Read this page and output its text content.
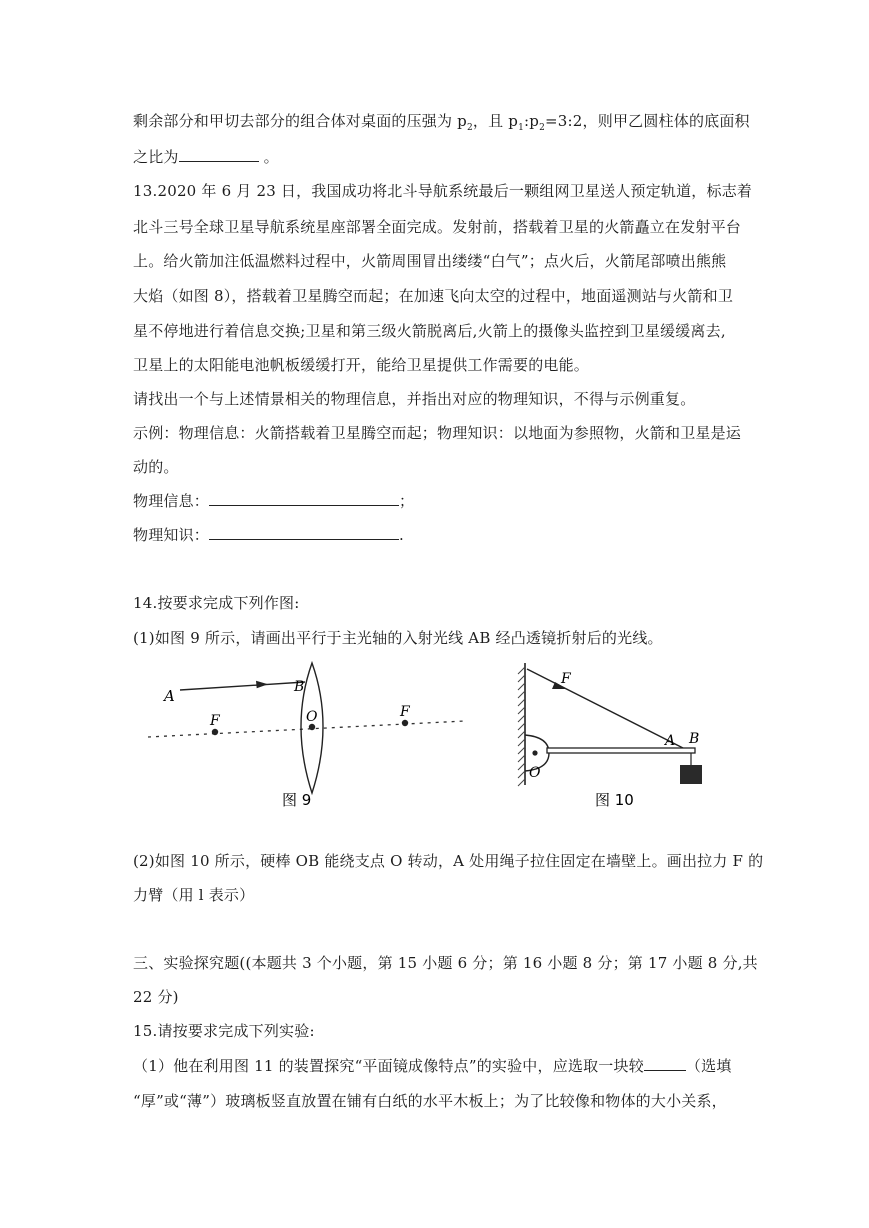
剩余部分和甲切去部分的组合体对桌面的压强为 $p_2$，且 $p_1:p_2=3:2$，则甲乙圆柱体的底面积
之比为	。
13.2020 年 6 月 23 日，我国成功将北斗导航系统最后一颗组网卫星送人预定轨道，标志着
北斗三号全球卫星导航系统星座部署全面完成。发射前，搭载着卫星的火箭矗立在发射平台
上。给火箭加注低温燃料过程中，火箭周围冒出缕缕“白气”；点火后，火箭尾部喷出熊熊
大焰（如图 8），搭载着卫星腾空而起；在加速飞向太空的过程中，地面遥测站与火箭和卫
星不停地进行着信息交换;卫星和第三级火箭脱离后,火箭上的摄像头监控到卫星缓缓离去,
卫星上的太阳能电池帆板缓缓打开，能给卫星提供工作需要的电能。
请找出一个与上述情景相关的物理信息，并指出对应的物理知识，不得与示例重复。
示例：物理信息：火箭搭载着卫星腾空而起；物理知识：以地面为参照物，火箭和卫星是运
动的。
物理信息：	；
物理知识：	.
14.按要求完成下列作图:
(1)如图 9 所示，请画出平行于主光轴的入射光线 AB 经凸透镜折射后的光线。
A	B
F	O	F
图 9
F
A B
O
图 10
(2)如图 10 所示，硬棒 OB 能绕支点 O 转动，A 处用绳子拉住固定在墙壁上。画出拉力 F 的
力臂（用 l 表示）
三、实验探究题((本题共 3 个小题，第 15 小题 6 分；第 16 小题 8 分；第 17 小题 8 分,共
22 分)
15.请按要求完成下列实验:
（1）他在利用图 11 的装置探究“平面镜成像特点”的实验中，应选取一块较	（选填
“厚”或“薄”）玻璃板竖直放置在铺有白纸的水平木板上；为了比较像和物体的大小关系，
